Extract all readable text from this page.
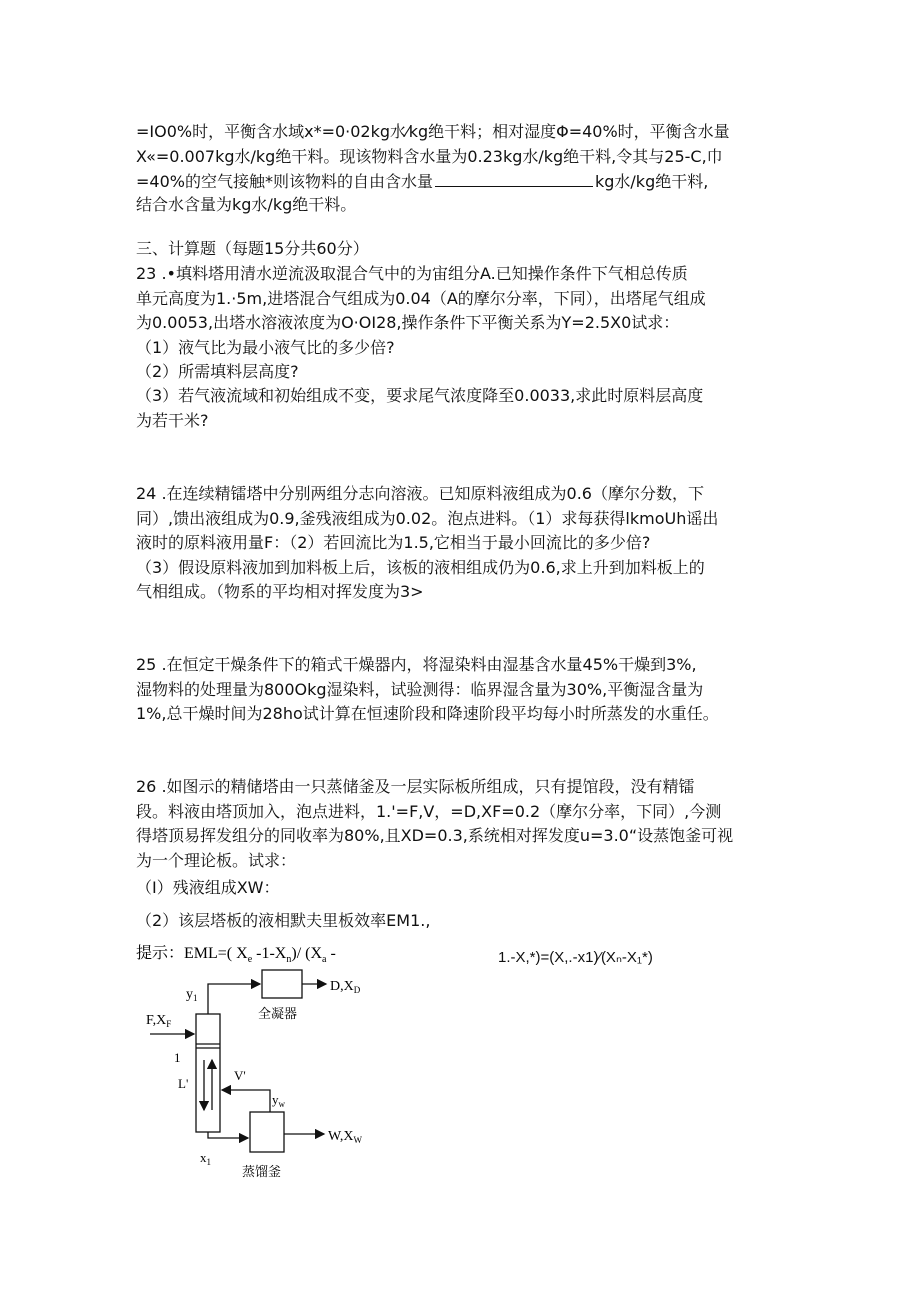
=IO0%时，平衡含水域x*=0·02kg水⁄kg绝干料；相对湿度Φ=40%时，平衡含水量
X«=0.007kg水/kg绝干料。现该物料含水量为0.23kg水/kg绝干料,令其与25-C,巾
=40%的空气接触*则该物料的自由含水量	kg水/kg绝干料,
结合水含量为kg水/kg绝干料。
三、计算题（每题15分共60分）
23 .•填料塔用清水逆流汲取混合气中的为宙组分A.已知操作条件下气相总传质
单元高度为1.·5m,进塔混合气组成为0.04（A的摩尔分率，下同），出塔尾气组成
为0.0053,出塔水溶液浓度为O·OI28,操作条件下平衡关系为Y=2.5X0试求：
（1）液气比为最小液气比的多少倍?
（2）所需填料层高度?
（3）若气液流域和初始组成不变，要求尾气浓度降至0.0033,求此时原料层高度
为若干米?
24 .在连续精镭塔中分别两组分志向溶液。已知原料液组成为0.6（摩尔分数，下
同）,馈出液组成为0.9,釜残液组成为0.02。泡点进料。（1）求每获得lkmoUh谣出
液时的原料液用量F：（2）若回流比为1.5,它相当于最小回流比的多少倍?
（3）假设原料液加到加料板上后，该板的液相组成仍为0.6,求上升到加料板上的
气相组成。（物系的平均相对挥发度为3>
25 .在恒定干燥条件下的箱式干燥器内，将湿染料由湿基含水量45%干燥到3%,
湿物料的处理量为800Okg湿染料，试验测得：临界湿含量为30%,平衡湿含量为
1%,总干燥时间为28ho试计算在恒速阶段和降速阶段平均每小时所蒸发的水重任。
26 .如图示的精储塔由一只蒸储釜及一层实际板所组成，只有提馆段，没有精镭
段。料液由塔顶加入，泡点进料，1.'=F,V，=D,XF=0.2（摩尔分率，下同）,今测
得塔顶易挥发组分的同收率为80%,且XD=0.3,系统相对挥发度u=3.0“设蒸饱釜可视
为一个理论板。试求：
（I）残液组成XW：
（2）该层塔板的液相默夫里板效率EM1.,
1.-X,*)=(X,.-x1)⁄(Xₙ-X₁*)
提示：EML=( $X_e$ $-1-X_n)/$ ($X_a$ -
$y_1$
全凝器
$D,X_D$
$F,X_F$
1
L'
V'
$y_w$
$x_1$
蒸馏釜
$W,X_W$
